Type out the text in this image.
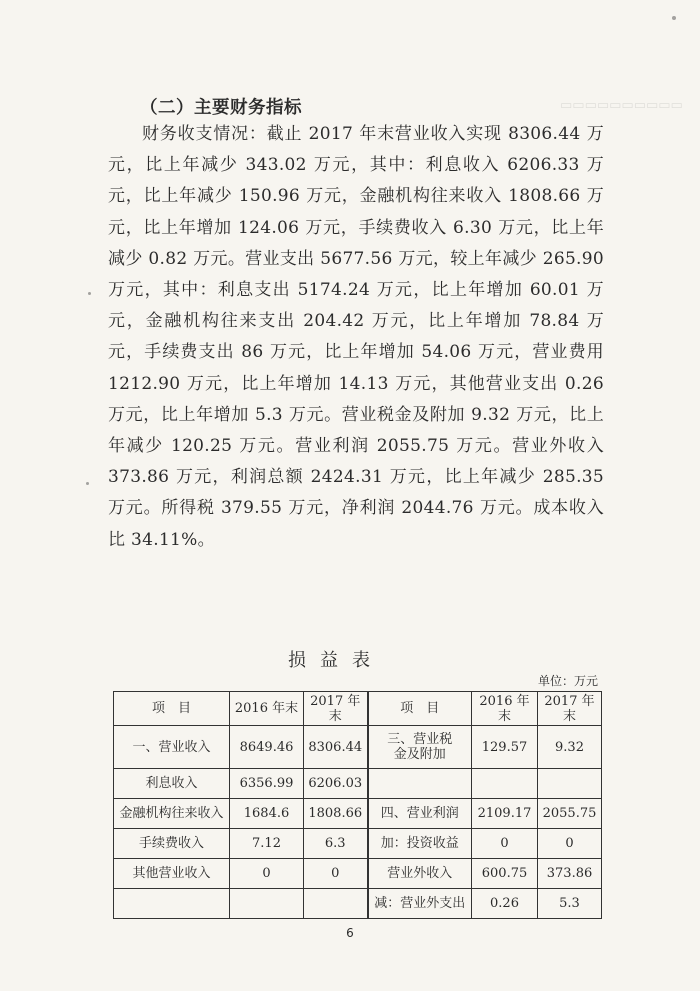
▭▭▭▭▭▭▭▭▭▭
（二）主要财务指标

财务收支情况：截止 2017 年末营业收入实现 8306.44 万元，比上年减少 343.02 万元，其中：利息收入 6206.33 万元，比上年减少 150.96 万元，金融机构往来收入 1808.66 万元，比上年增加 124.06 万元，手续费收入 6.30 万元，比上年减少 0.82 万元。营业支出 5677.56 万元，较上年减少 265.90 万元，其中：利息支出 5174.24 万元，比上年增加 60.01 万元，金融机构往来支出 204.42 万元，比上年增加 78.84 万元，手续费支出 86 万元，比上年增加 54.06 万元，营业费用 1212.90 万元，比上年增加 14.13 万元，其他营业支出 0.26 万元，比上年增加 5.3 万元。营业税金及附加 9.32 万元，比上年减少 120.25 万元。营业利润 2055.75 万元。营业外收入 373.86 万元，利润总额 2424.31 万元，比上年减少 285.35 万元。所得税 379.55 万元，净利润 2044.76 万元。成本收入比 34.11%。

损益表
单位：万元
项　目	2016 年末	2017 年末	项　目	2016 年末	2017 年末
一、营业收入	8649.46	8306.44	三、营业税金及附加	129.57	9.32
利息收入	6356.99	6206.03			
金融机构往来收入	1684.6	1808.66	四、营业利润	2109.17	2055.75
手续费收入	7.12	6.3	加：投资收益	0	0
其他营业收入	0	0	营业外收入	600.75	373.86
			减：营业外支出	0.26	5.3
6
